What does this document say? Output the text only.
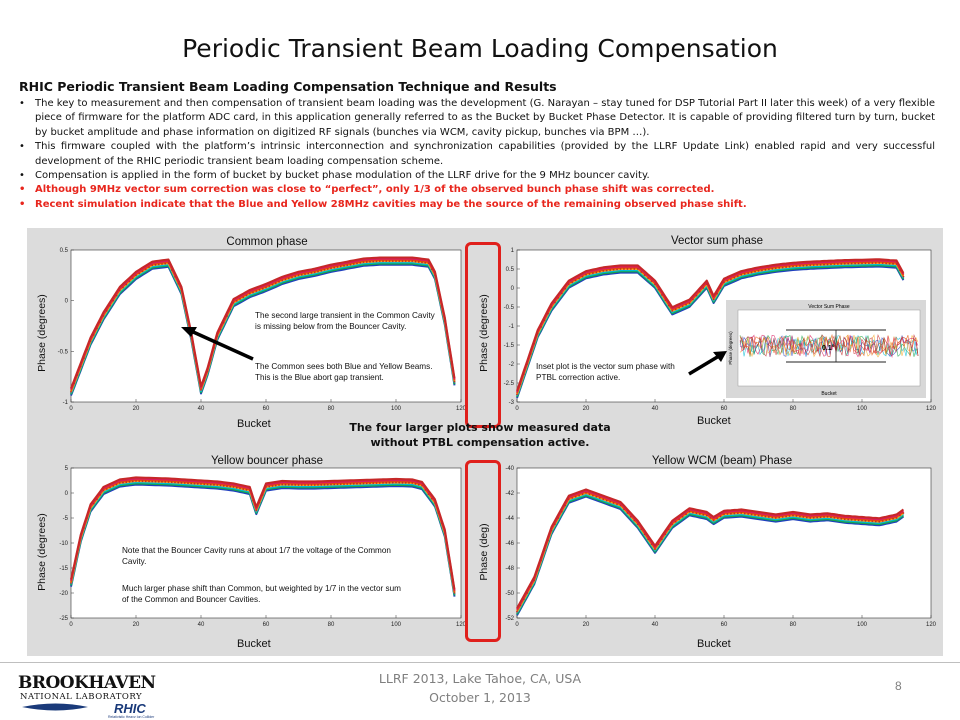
Periodic Transient Beam Loading Compensation
RHIC Periodic Transient Beam Loading Compensation Technique and Results
• The key to measurement and then compensation of transient beam loading was the development (G. Narayan – stay tuned for DSP Tutorial Part II later this week) of a very flexible piece of firmware for the platform ADC card, in this application generally referred to as the Bucket by Bucket Phase Detector. It is capable of providing filtered turn by turn, bucket by bucket amplitude and phase information on digitized RF signals (bunches via WCM, cavity pickup, bunches via BPM …).
• This firmware coupled with the platform’s intrinsic interconnection and synchronization capabilities (provided by the LLRF Update Link) enabled rapid and very successful development of the RHIC periodic transient beam loading compensation scheme.
• Compensation is applied in the form of bucket by bucket phase modulation of the LLRF drive for the 9 MHz bouncer cavity.
• Although 9MHz vector sum correction was close to “perfect”, only 1/3 of the observed bunch phase shift was corrected.
• Recent simulation indicate that the Blue and Yellow 28MHz cavities may be the source of the remaining observed phase shift.
Common phase
0	20	40	60	80	100	120
-1
-0.5
0
0.5
Phase (degrees)
Bucket
Vector sum phase
0	20	40	60	80	100	120
-3
-2.5
-2
-1.5
-1
-0.5
0
0.5
1
Phase (degrees)
Bucket
Yellow bouncer phase
0	20	40	60	80	100	120
-25
-20
-15
-10
-5
0
5
Phase (degrees)
Bucket
Yellow WCM (beam) Phase
0	20	40	60	80	100	120
-52
-50
-48
-46
-44
-42
-40
Phase (deg)
Bucket
Vector Sum Phase
Bucket
Phase (degrees)	0.1°
The second large transient in the Common Cavity is missing below from the Bouncer Cavity.
The Common sees both Blue and Yellow Beams. This is the Blue abort gap transient.
Inset plot is the vector sum phase with PTBL correction active.
Note that the Bouncer Cavity runs at about 1/7 the voltage of the Common Cavity.
Much larger phase shift than Common, but weighted by 1/7 in the vector sum of the Common and Bouncer Cavities.
The four larger plots show measured data without PTBL compensation active.
LLRF 2013, Lake Tahoe, CA, USA
October 1, 2013
8
BROOKHAVEN
NATIONAL LABORATORY
RHIC
Relativistic Heavy Ion Collider
